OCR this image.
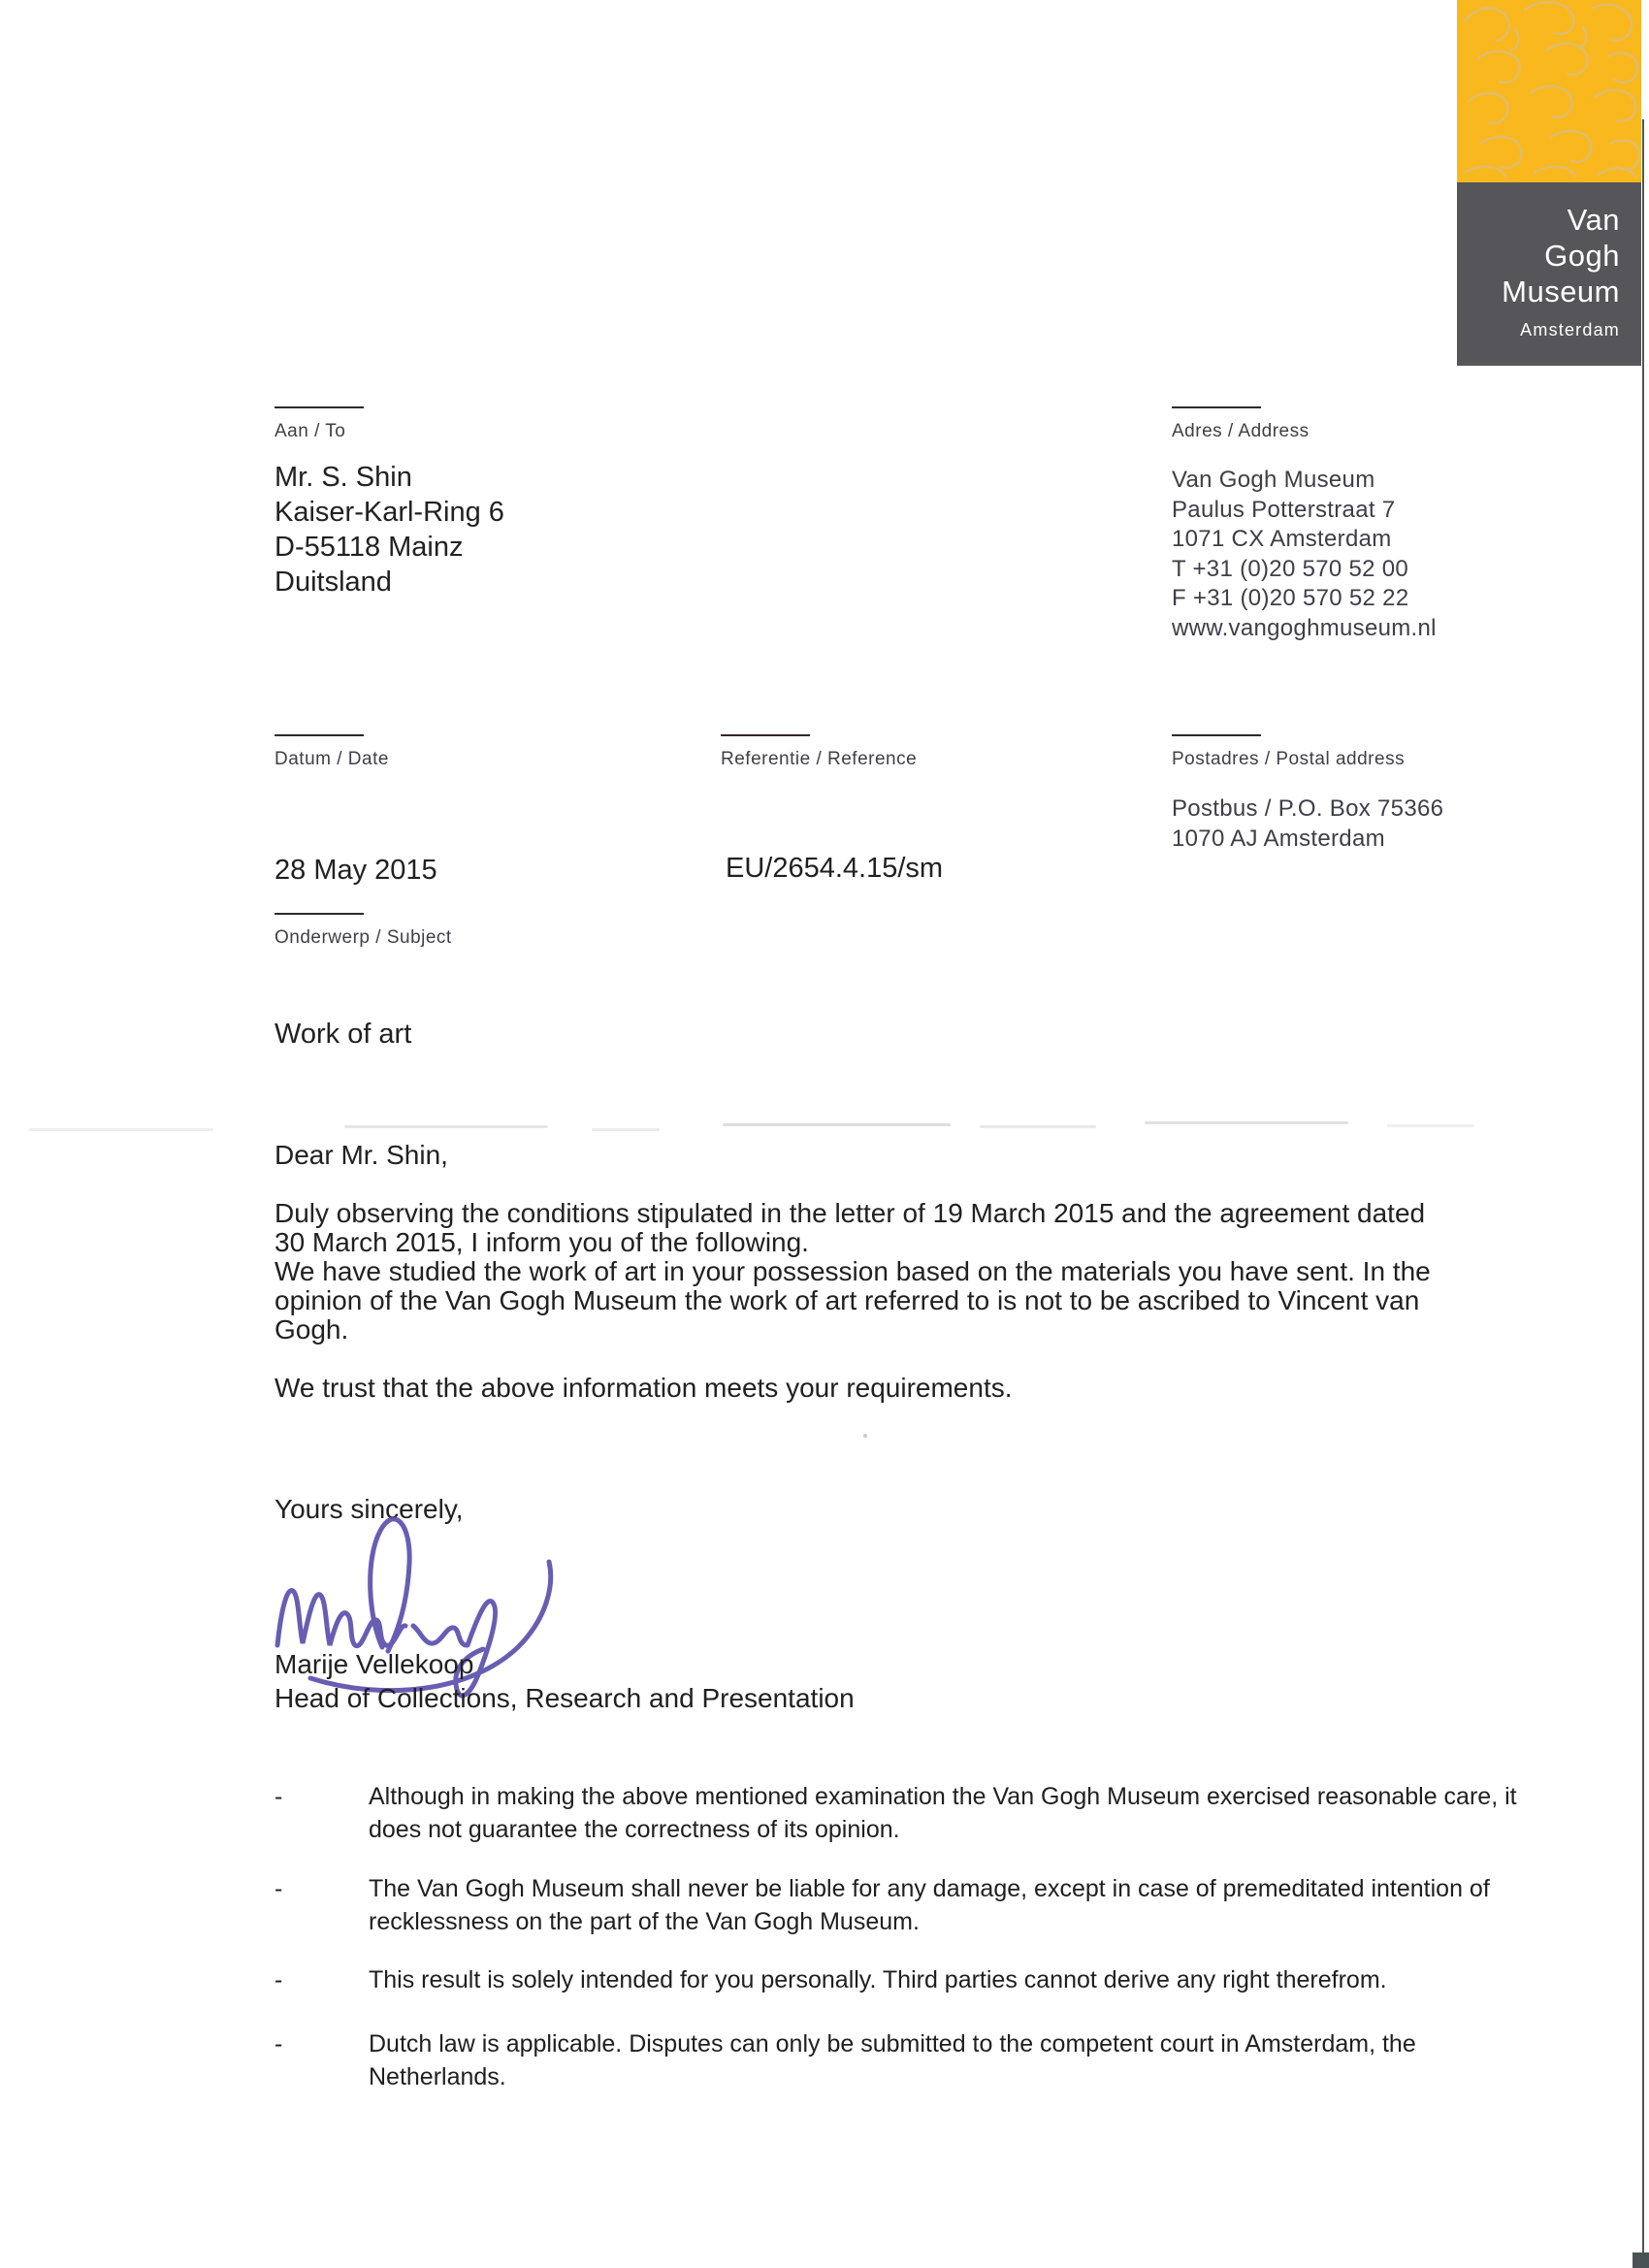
Van
Gogh
Museum
Amsterdam
Aan / To
Mr. S. Shin
Kaiser-Karl-Ring 6
D-55118 Mainz
Duitsland
Adres / Address
Van Gogh Museum
Paulus Potterstraat 7
1071 CX Amsterdam
T +31 (0)20 570 52 00
F +31 (0)20 570 52 22
www.vangoghmuseum.nl
Datum / Date
28 May 2015
Referentie / Reference
EU/2654.4.15/sm
Postadres / Postal address
Postbus / P.O. Box 75366
1070 AJ Amsterdam
Onderwerp / Subject
Work of art
Dear Mr. Shin,
Duly observing the conditions stipulated in the letter of 19 March 2015 and the agreement dated
30 March 2015, I inform you of the following.
We have studied the work of art in your possession based on the materials you have sent. In the
opinion of the Van Gogh Museum the work of art referred to is not to be ascribed to Vincent van
Gogh.
We trust that the above information meets your requirements.
Yours sincerely,
Marije Vellekoop
Head of Collections, Research and Presentation
-	Although in making the above mentioned examination the Van Gogh Museum exercised reasonable care, it
does not guarantee the correctness of its opinion.
-	The Van Gogh Museum shall never be liable for any damage, except in case of premeditated intention of
recklessness on the part of the Van Gogh Museum.
-	This result is solely intended for you personally. Third parties cannot derive any right therefrom.
-	Dutch law is applicable. Disputes can only be submitted to the competent court in Amsterdam, the
Netherlands.
